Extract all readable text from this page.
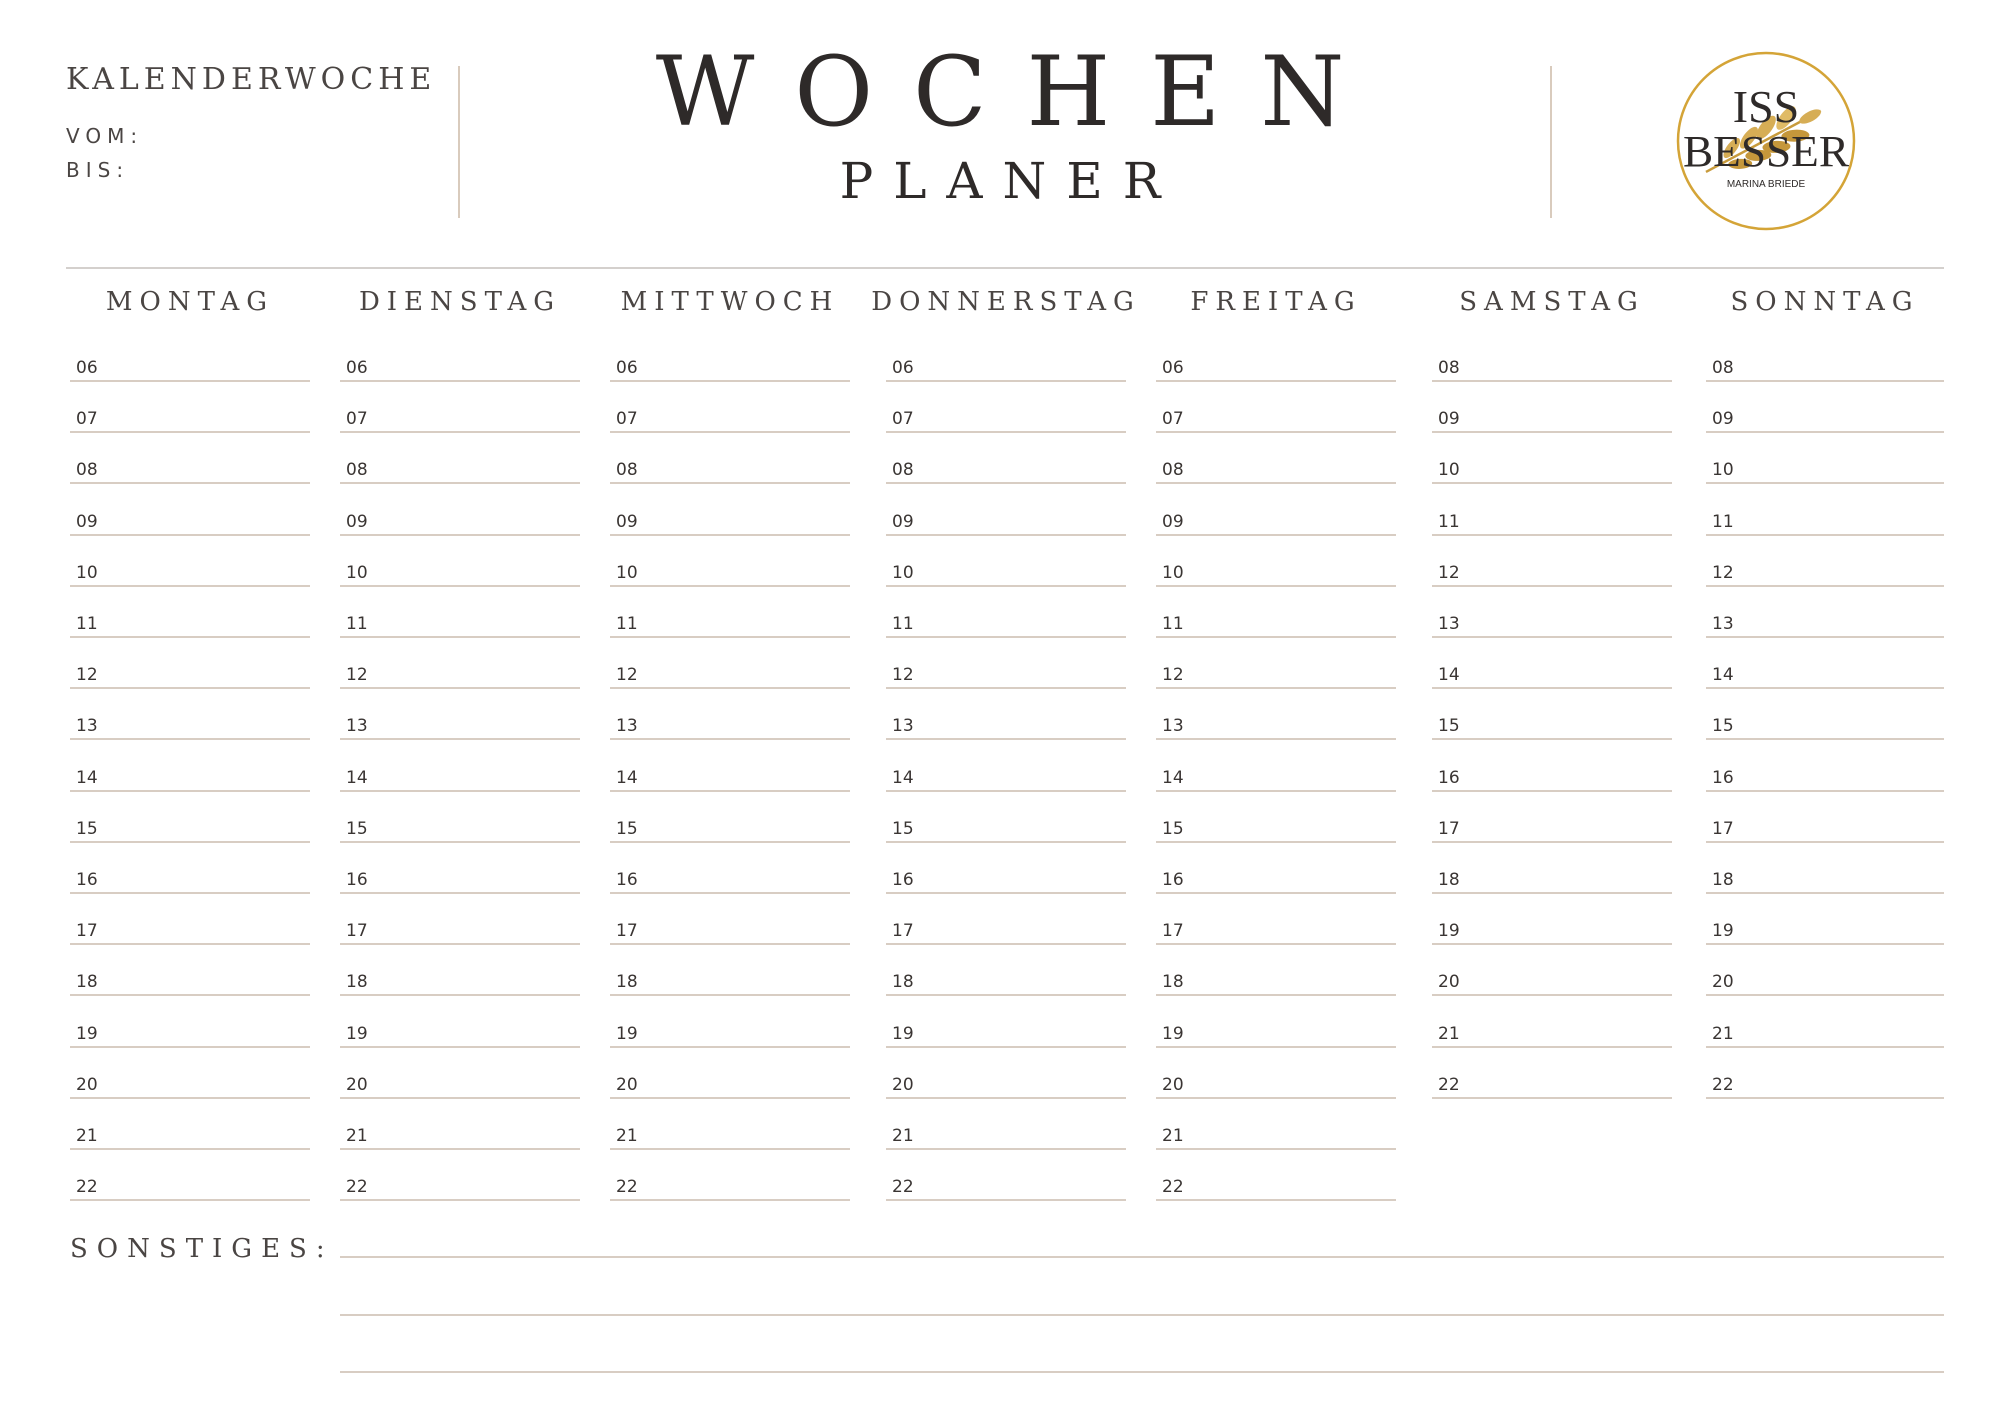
KALENDERWOCHE
VOM:
BIS:
WOCHEN
PLANER
ISS
BESSER
MARINA BRIEDE
MONTAG
06
07
08
09
10
11
12
13
14
15
16
17
18
19
20
21
22
DIENSTAG
06
07
08
09
10
11
12
13
14
15
16
17
18
19
20
21
22
MITTWOCH
06
07
08
09
10
11
12
13
14
15
16
17
18
19
20
21
22
DONNERSTAG
06
07
08
09
10
11
12
13
14
15
16
17
18
19
20
21
22
FREITAG
06
07
08
09
10
11
12
13
14
15
16
17
18
19
20
21
22
SAMSTAG
08
09
10
11
12
13
14
15
16
17
18
19
20
21
22
SONNTAG
08
09
10
11
12
13
14
15
16
17
18
19
20
21
22
SONSTIGES:
